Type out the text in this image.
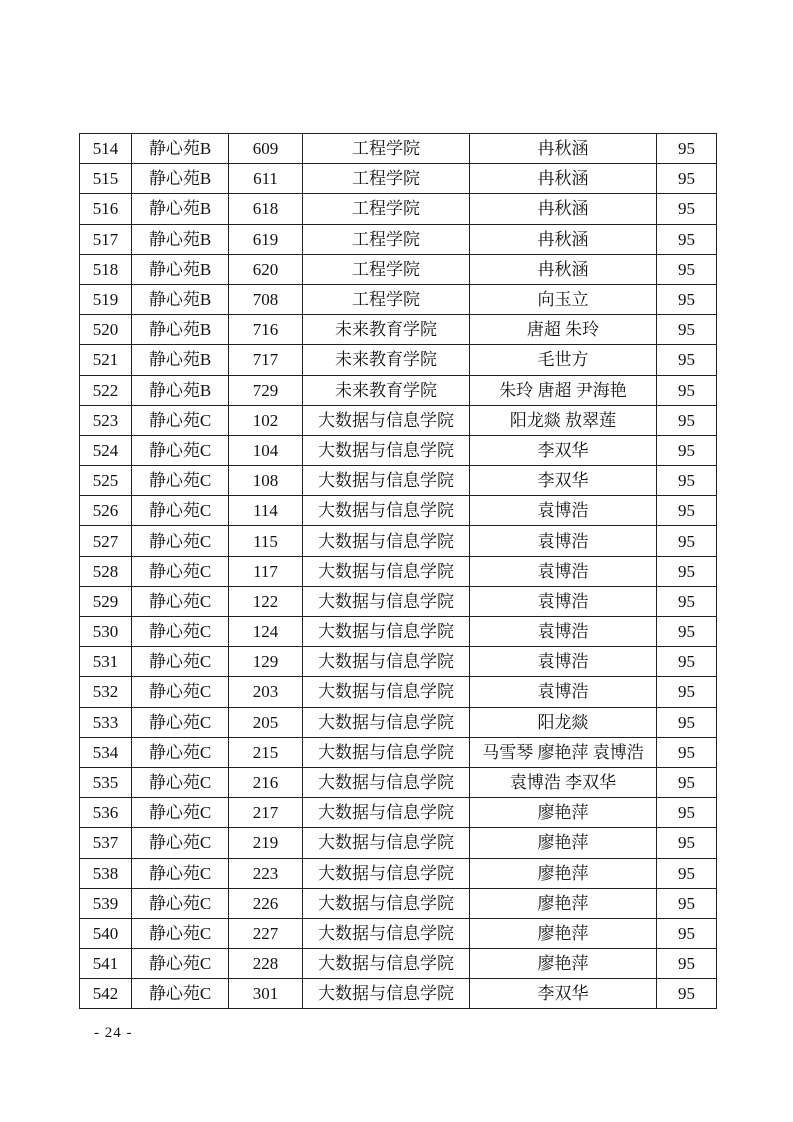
514	静心苑B	609	工程学院	冉秋涵	95
515	静心苑B	611	工程学院	冉秋涵	95
516	静心苑B	618	工程学院	冉秋涵	95
517	静心苑B	619	工程学院	冉秋涵	95
518	静心苑B	620	工程学院	冉秋涵	95
519	静心苑B	708	工程学院	向玉立	95
520	静心苑B	716	未来教育学院	唐超 朱玲	95
521	静心苑B	717	未来教育学院	毛世方	95
522	静心苑B	729	未来教育学院	朱玲 唐超 尹海艳	95
523	静心苑C	102	大数据与信息学院	阳龙燚 敖翠莲	95
524	静心苑C	104	大数据与信息学院	李双华	95
525	静心苑C	108	大数据与信息学院	李双华	95
526	静心苑C	114	大数据与信息学院	袁博浩	95
527	静心苑C	115	大数据与信息学院	袁博浩	95
528	静心苑C	117	大数据与信息学院	袁博浩	95
529	静心苑C	122	大数据与信息学院	袁博浩	95
530	静心苑C	124	大数据与信息学院	袁博浩	95
531	静心苑C	129	大数据与信息学院	袁博浩	95
532	静心苑C	203	大数据与信息学院	袁博浩	95
533	静心苑C	205	大数据与信息学院	阳龙燚	95
534	静心苑C	215	大数据与信息学院	马雪琴 廖艳萍 袁博浩	95
535	静心苑C	216	大数据与信息学院	袁博浩 李双华	95
536	静心苑C	217	大数据与信息学院	廖艳萍	95
537	静心苑C	219	大数据与信息学院	廖艳萍	95
538	静心苑C	223	大数据与信息学院	廖艳萍	95
539	静心苑C	226	大数据与信息学院	廖艳萍	95
540	静心苑C	227	大数据与信息学院	廖艳萍	95
541	静心苑C	228	大数据与信息学院	廖艳萍	95
542	静心苑C	301	大数据与信息学院	李双华	95
- 24 -
